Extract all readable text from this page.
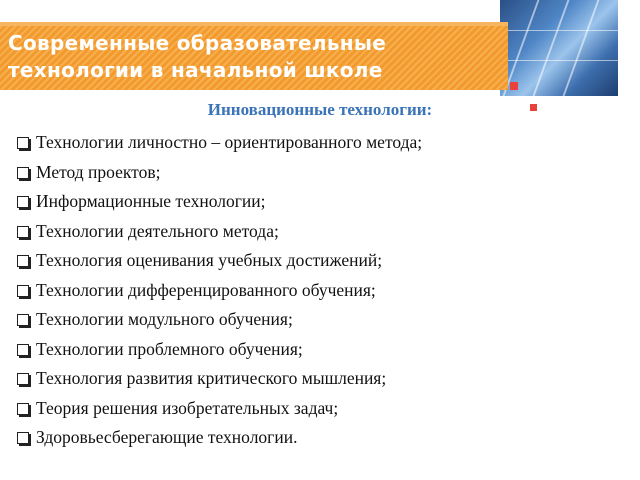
Современные образовательные технологии в начальной школе
Инновационные технологии:
Технологии личностно – ориентированного метода;
Метод проектов;
Информационные технологии;
Технологии деятельного метода;
Технология оценивания учебных достижений;
Технологии дифференцированного обучения;
Технологии модульного обучения;
Технологии проблемного обучения;
Технология развития критического мышления;
Теория решения изобретательных задач;
Здоровьесберегающие технологии.
